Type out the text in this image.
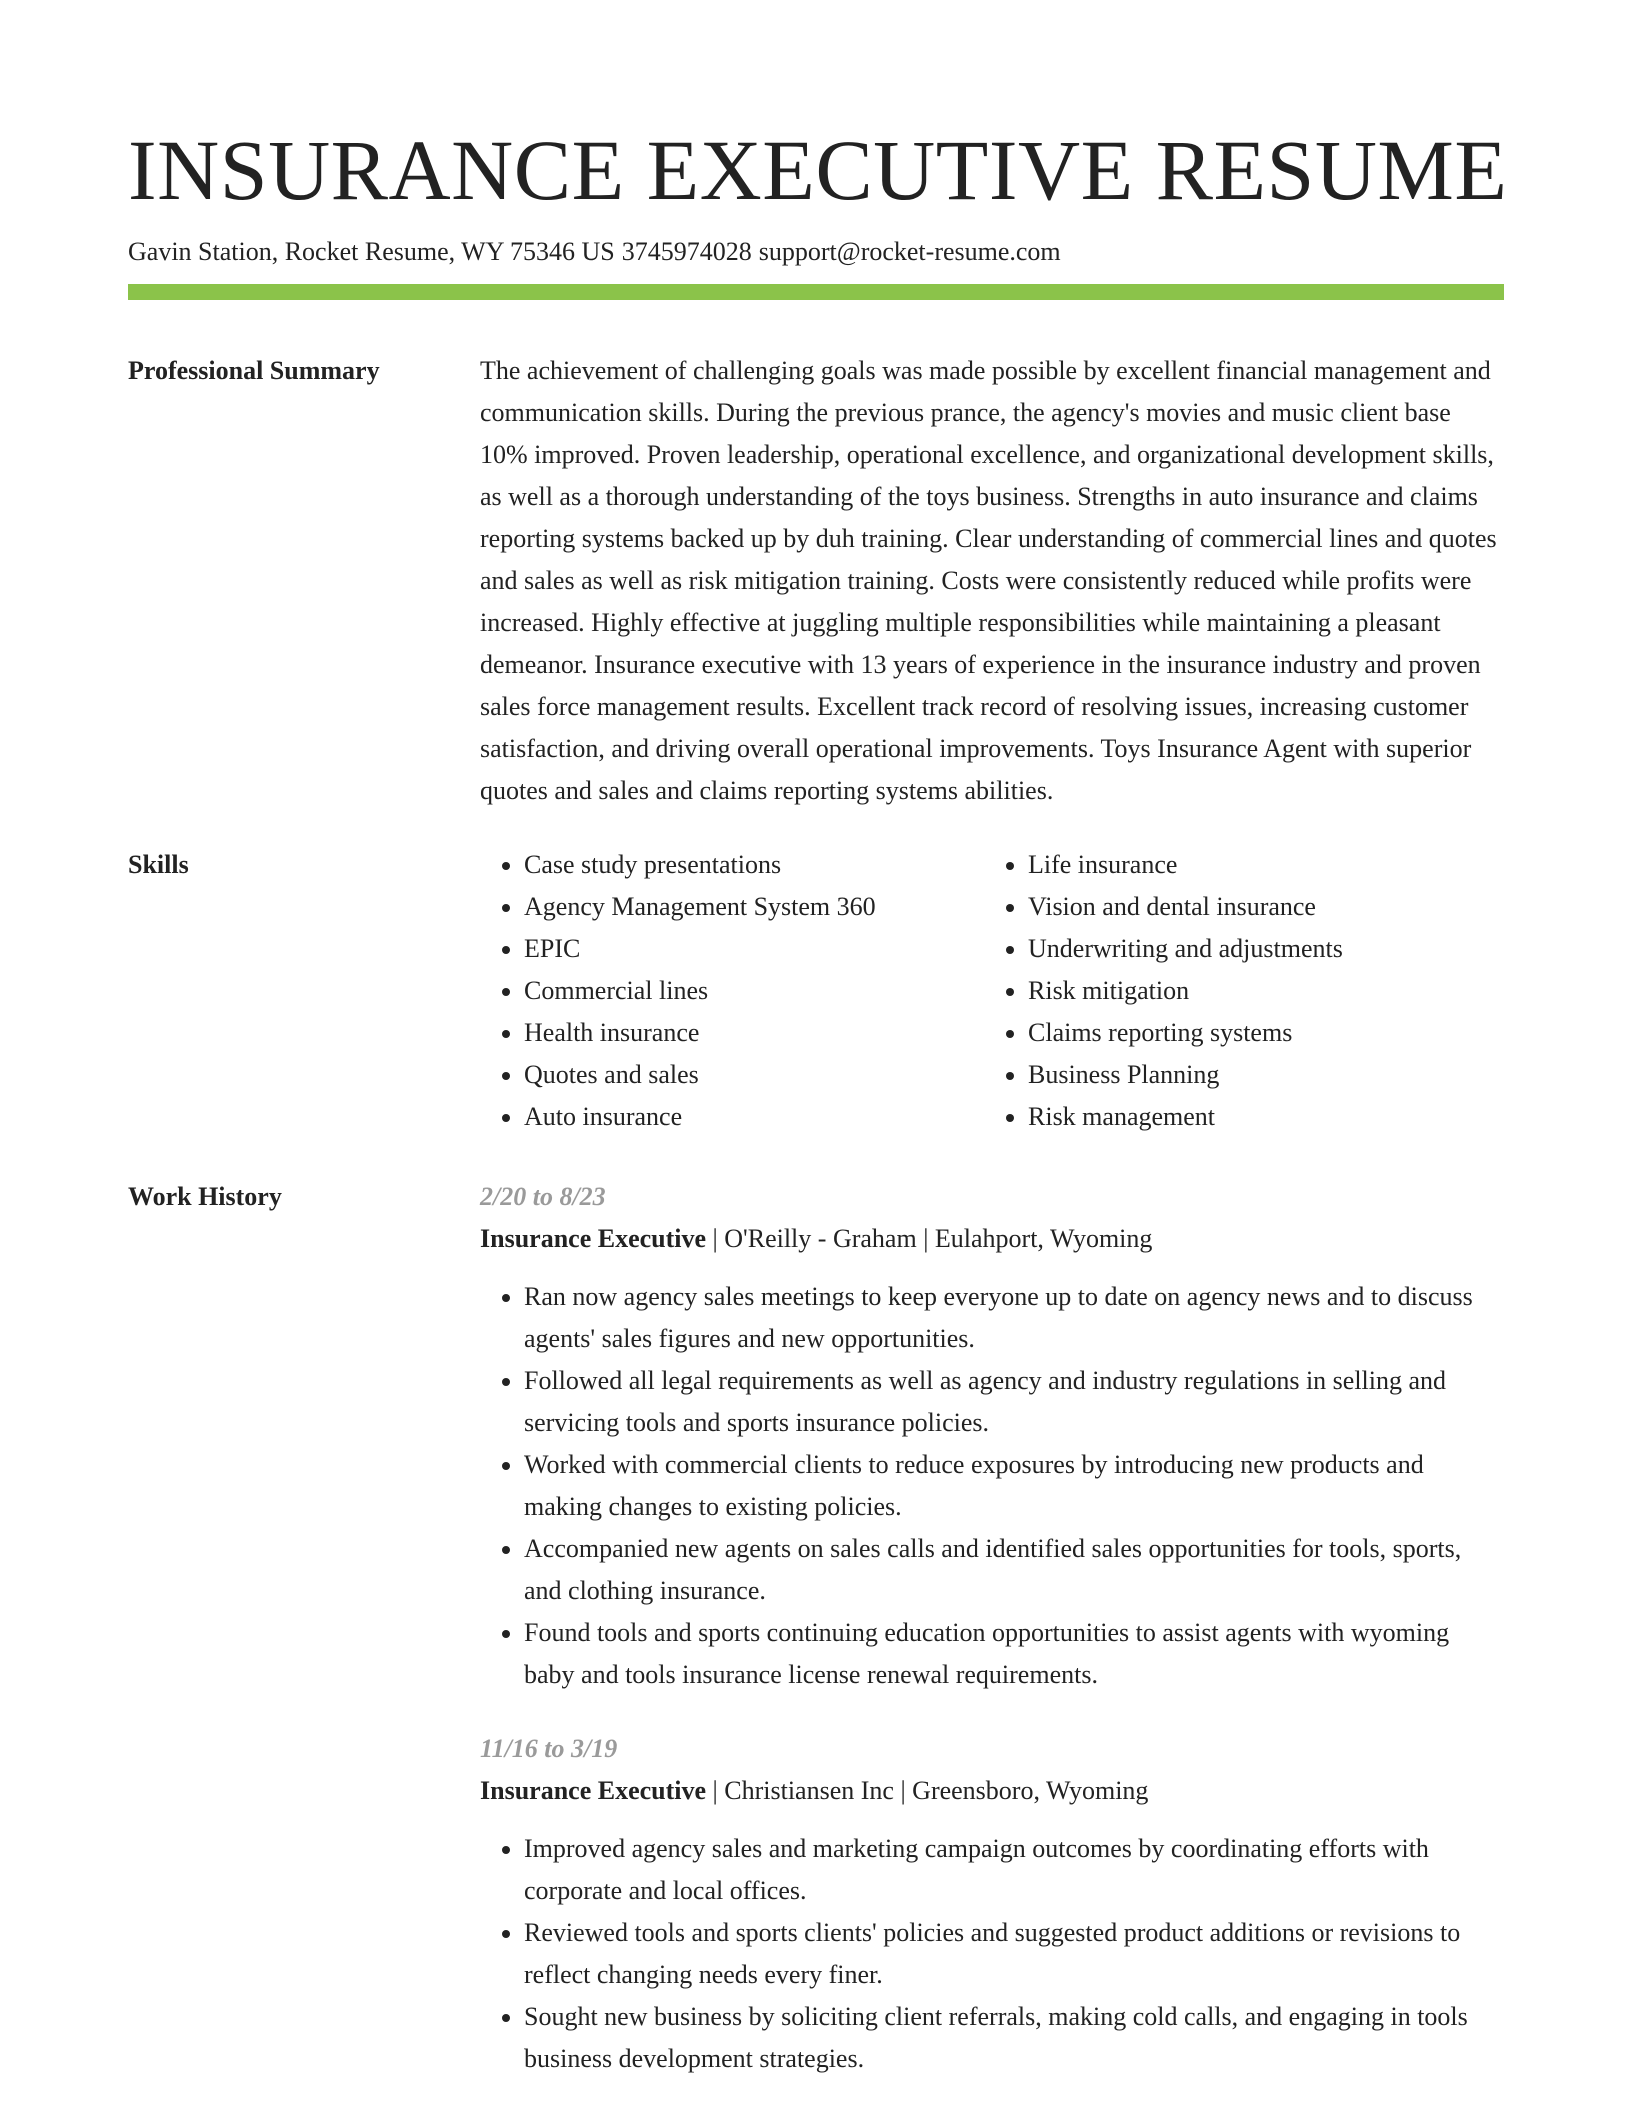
INSURANCE EXECUTIVE RESUME
Gavin Station, Rocket Resume, WY 75346 US 3745974028 support@rocket-resume.com
Professional Summary	The achievement of challenging goals was made possible by excellent financial management and communication skills. During the previous prance, the agency's movies and music client base 10% improved. Proven leadership, operational excellence, and organizational development skills, as well as a thorough understanding of the toys business. Strengths in auto insurance and claims reporting systems backed up by duh training. Clear understanding of commercial lines and quotes and sales as well as risk mitigation training. Costs were consistently reduced while profits were increased. Highly effective at juggling multiple responsibilities while maintaining a pleasant demeanor. Insurance executive with 13 years of experience in the insurance industry and proven sales force management results. Excellent track record of resolving issues, increasing customer satisfaction, and driving overall operational improvements. Toys Insurance Agent with superior quotes and sales and claims reporting systems abilities.
Skills
•	Case study presentations
• Agency Management System 360
• EPIC
• Commercial lines
• Health insurance
• Quotes and sales
• Auto insurance
• Life insurance
• Vision and dental insurance
• Underwriting and adjustments
• Risk mitigation
• Claims reporting systems
• Business Planning
• Risk management
Work History	2/20 to 8/23
Insurance Executive | O'Reilly - Graham | Eulahport, Wyoming
• Ran now agency sales meetings to keep everyone up to date on agency news and to discuss agents' sales figures and new opportunities.
• Followed all legal requirements as well as agency and industry regulations in selling and servicing tools and sports insurance policies.
• Worked with commercial clients to reduce exposures by introducing new products and making changes to existing policies.
• Accompanied new agents on sales calls and identified sales opportunities for tools, sports, and clothing insurance.
• Found tools and sports continuing education opportunities to assist agents with wyoming baby and tools insurance license renewal requirements.
11/16 to 3/19
Insurance Executive | Christiansen Inc | Greensboro, Wyoming
• Improved agency sales and marketing campaign outcomes by coordinating efforts with corporate and local offices.
• Reviewed tools and sports clients' policies and suggested product additions or revisions to reflect changing needs every finer.
• Sought new business by soliciting client referrals, making cold calls, and engaging in tools business development strategies.
